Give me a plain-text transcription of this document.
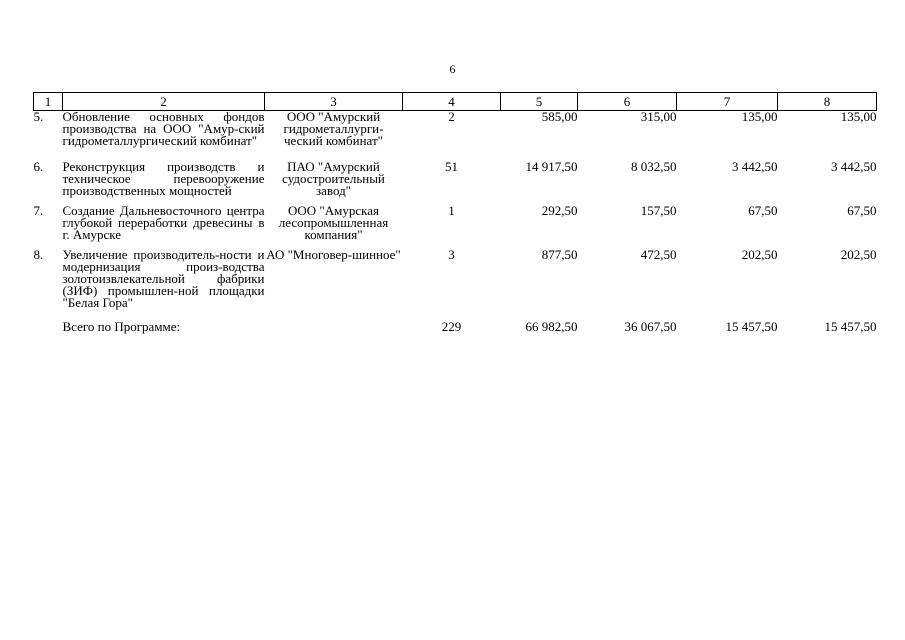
6
1	2	3	4	5	6	7	8
5.	Обновление основных фондов производства на ООО "Амур-ский гидрометаллургический комбинат"	ООО "Амурский гидрометаллурги-ческий комбинат"	2	585,00	315,00	135,00	135,00
6.	Реконструкция производств и техническое перевооружение производственных мощностей	ПАО "Амурский судостроительный завод"	51	14 917,50	8 032,50	3 442,50	3 442,50
7.	Создание Дальневосточного центра глубокой переработки древесины в г. Амурске	ООО "Амурская лесопромышленная компания"	1	292,50	157,50	67,50	67,50
8.	Увеличение производитель-ности и модернизация произ-водства золотоизвлекательной фабрики (ЗИФ) промышлен-ной площадки "Белая Гора"	АО "Многовер-шинное"	3	877,50	472,50	202,50	202,50
	Всего по Программе:		229	66 982,50	36 067,50	15 457,50	15 457,50
